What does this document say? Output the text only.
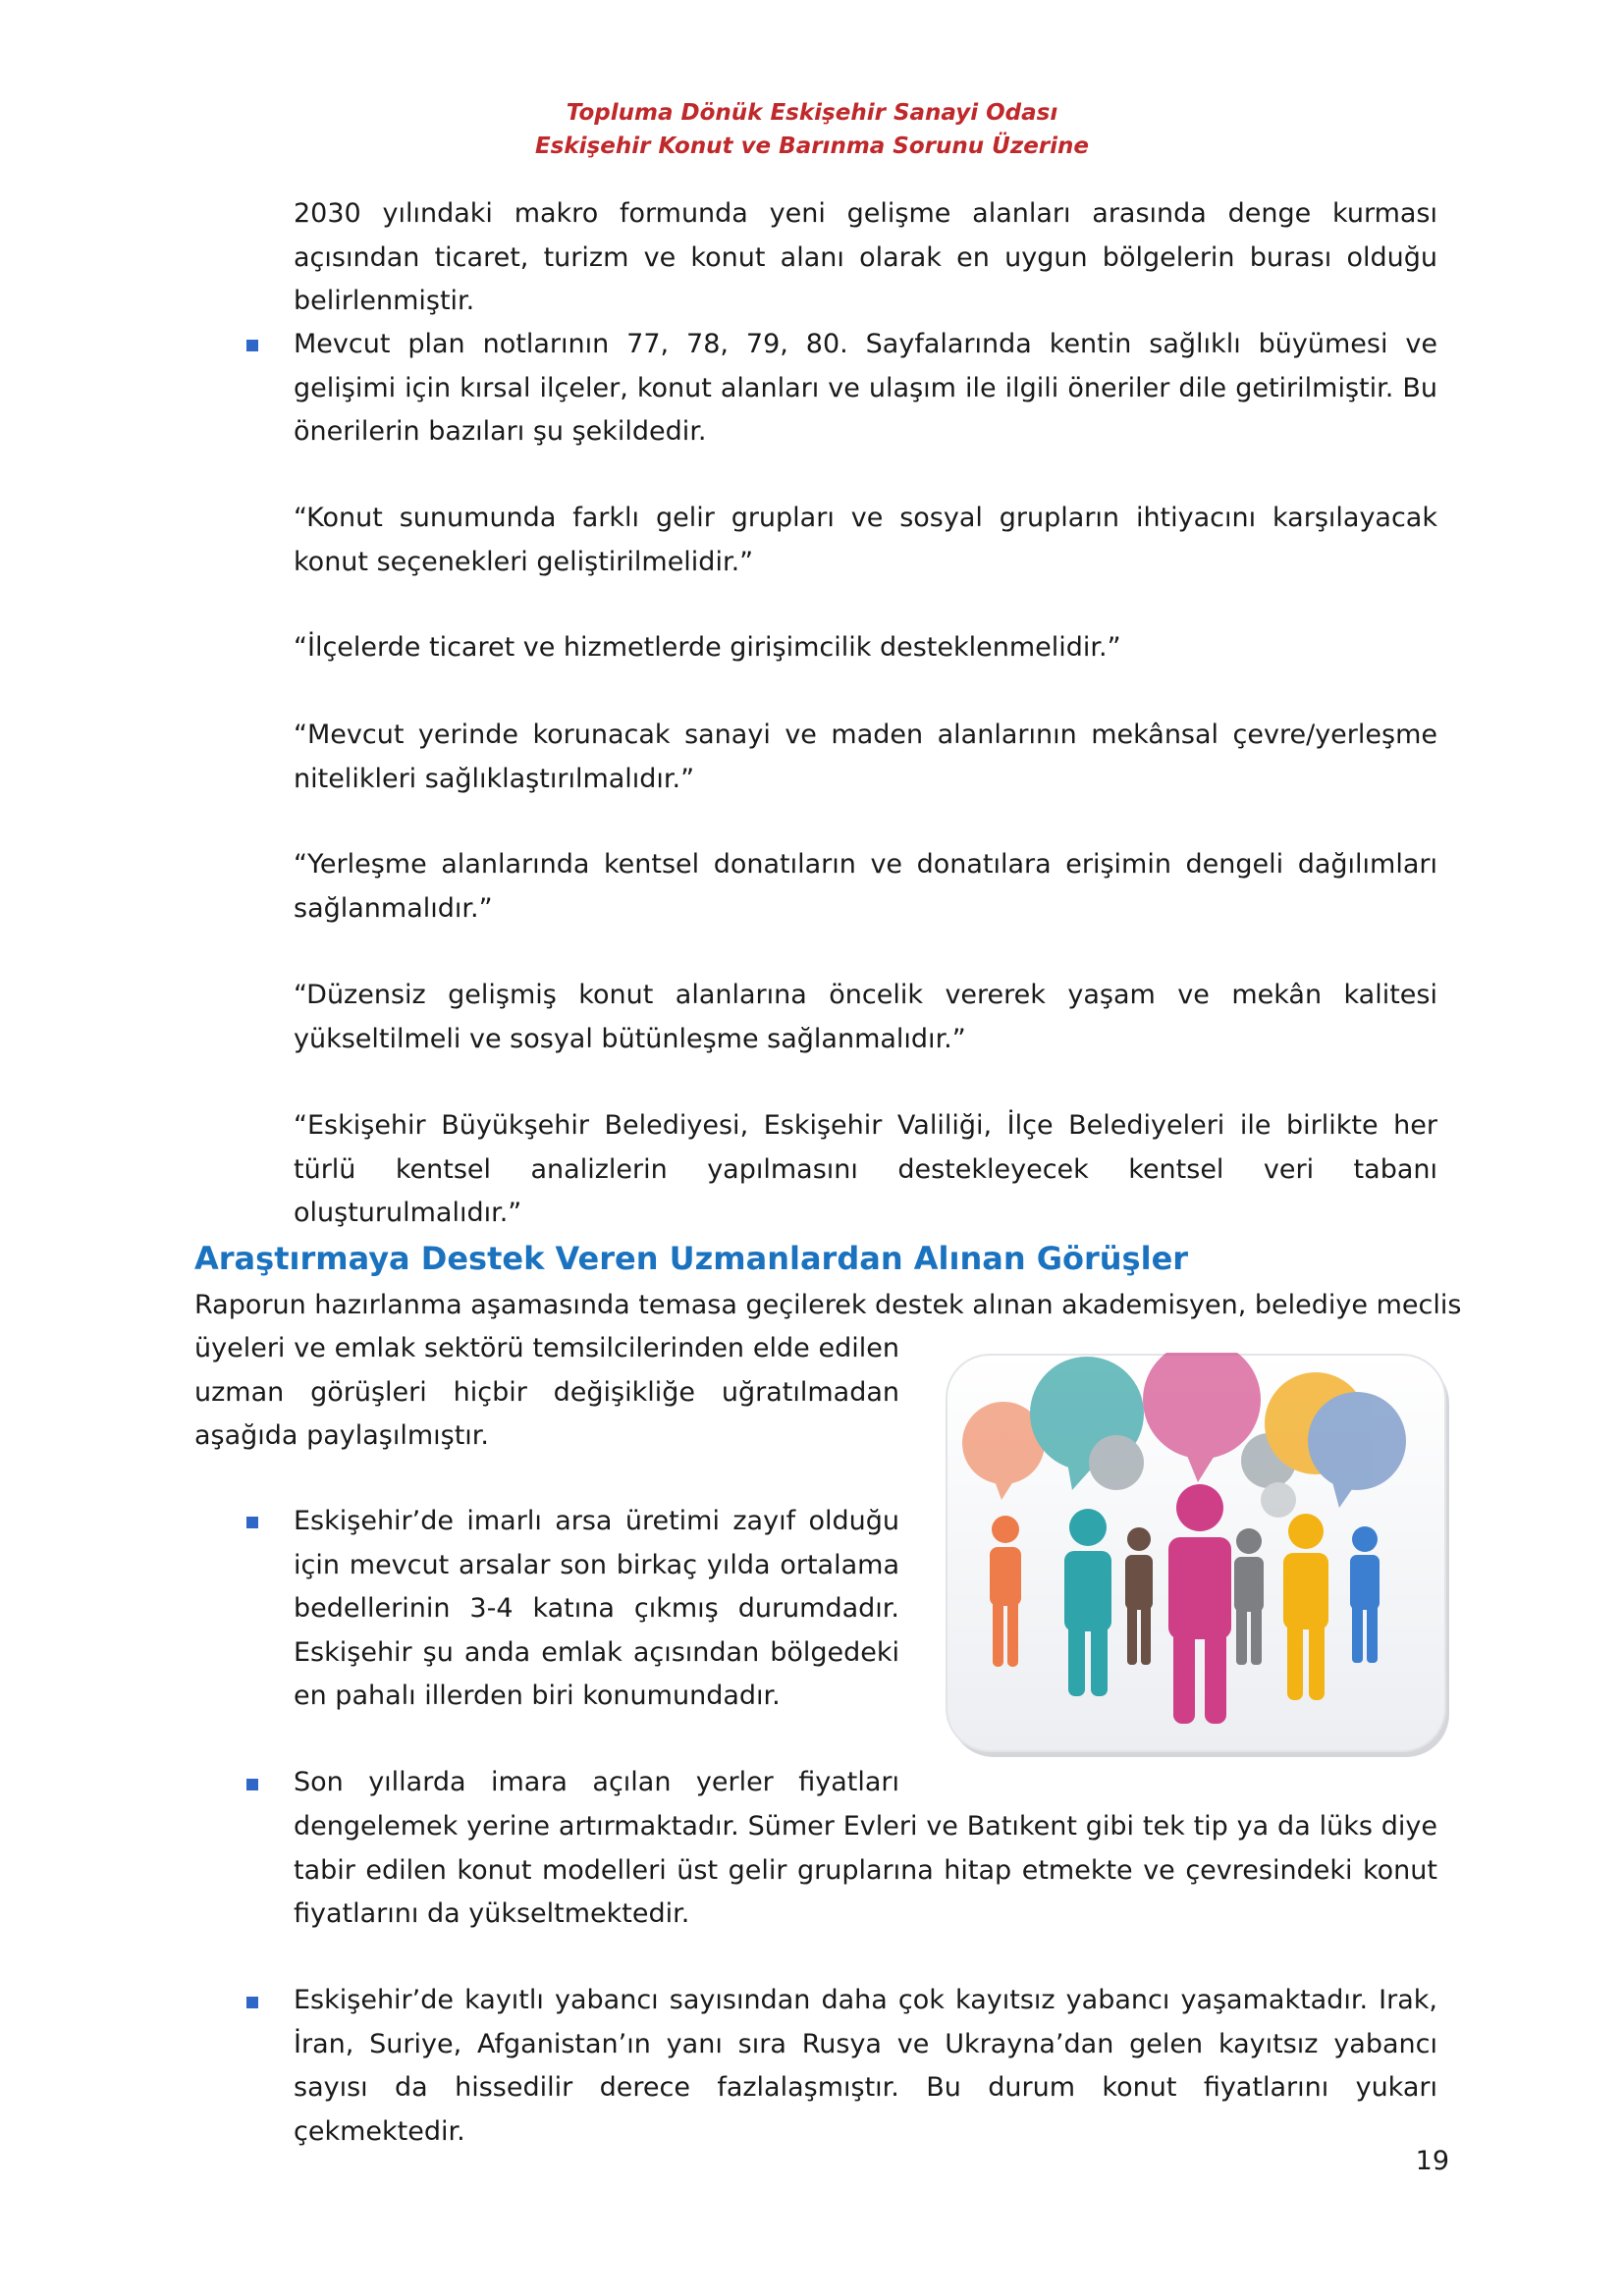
Topluma Dönük Eskişehir Sanayi Odası
Eskişehir Konut ve Barınma Sorunu Üzerine

2030 yılındaki makro formunda yeni gelişme alanları arasında denge kurması açısından ticaret, turizm ve konut alanı olarak en uygun bölgelerin burası olduğu belirlenmiştir.

Mevcut plan notlarının 77, 78, 79, 80. Sayfalarında kentin sağlıklı büyümesi ve gelişimi için kırsal ilçeler, konut alanları ve ulaşım ile ilgili öneriler dile getirilmiştir. Bu önerilerin bazıları şu şekildedir.

“Konut sunumunda farklı gelir grupları ve sosyal grupların ihtiyacını karşılayacak konut seçenekleri geliştirilmelidir.”

“İlçelerde ticaret ve hizmetlerde girişimcilik desteklenmelidir.”

“Mevcut yerinde korunacak sanayi ve maden alanlarının mekânsal çevre/yerleşme nitelikleri sağlıklaştırılmalıdır.”

“Yerleşme alanlarında kentsel donatıların ve donatılara erişimin dengeli dağılımları sağlanmalıdır.”

“Düzensiz gelişmiş konut alanlarına öncelik vererek yaşam ve mekân kalitesi yükseltilmeli ve sosyal bütünleşme sağlanmalıdır.”

“Eskişehir Büyükşehir Belediyesi, Eskişehir Valiliği, İlçe Belediyeleri ile birlikte her türlü kentsel analizlerin yapılmasını destekleyecek kentsel veri tabanı oluşturulmalıdır.”

Araştırmaya Destek Veren Uzmanlardan Alınan Görüşler

Raporun hazırlanma aşamasında temasa geçilerek destek alınan akademisyen, belediye meclis

üyeleri ve emlak sektörü temsilcilerinden elde edilen uzman görüşleri hiçbir değişikliğe uğratılmadan aşağıda paylaşılmıştır.

Eskişehir’de imarlı arsa üretimi zayıf olduğu için mevcut arsalar son birkaç yılda ortalama bedellerinin 3-4 katına çıkmış durumdadır. Eskişehir şu anda emlak açısından bölgedeki en pahalı illerden biri konumundadır.

Son yıllarda imara açılan yerler fiyatları

dengelemek yerine artırmaktadır. Sümer Evleri ve Batıkent gibi tek tip ya da lüks diye tabir edilen konut modelleri üst gelir gruplarına hitap etmekte ve çevresindeki konut fiyatlarını da yükseltmektedir.

Eskişehir’de kayıtlı yabancı sayısından daha çok kayıtsız yabancı yaşamaktadır. Irak, İran, Suriye, Afganistan’ın yanı sıra Rusya ve Ukrayna’dan gelen kayıtsız yabancı sayısı da hissedilir derece fazlalaşmıştır. Bu durum konut fiyatlarını yukarı çekmektedir.

19
